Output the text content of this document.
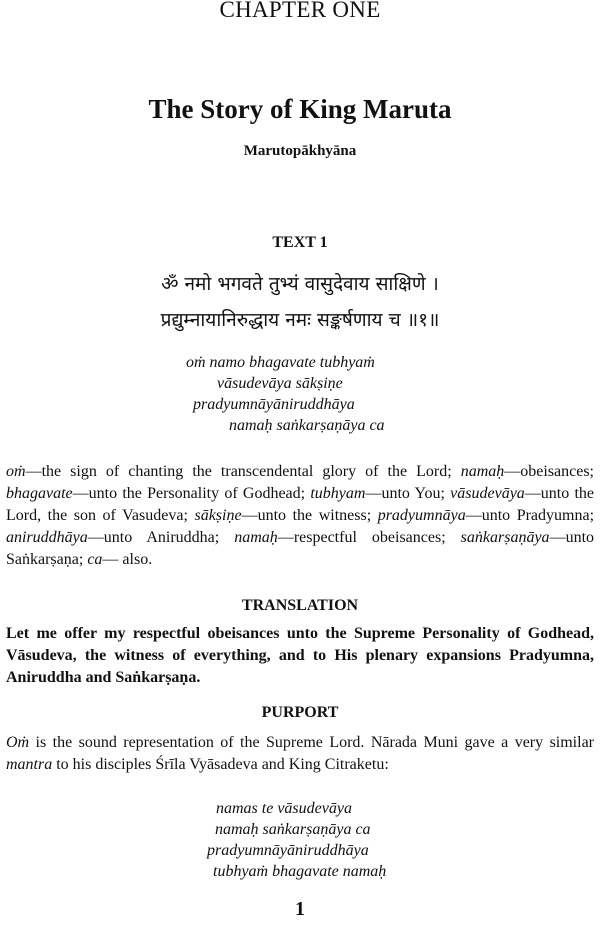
CHAPTER ONE
The Story of King Maruta
Marutopākhyāna
TEXT 1
ॐ नमो भगवते तुभ्यं वासुदेवाय साक्षिणे ।
प्रद्युम्नायानिरुद्धाय नमः सङ्कर्षणाय च ॥१॥
oṁ namo bhagavate tubhyaṁ
vāsudevāya sākṣiṇe
pradyumnāyāniruddhāya
namaḥ saṅkarṣaṇāya ca
oṁ—the sign of chanting the transcendental glory of the Lord; namaḥ—obeisances; bhagavate—unto the Personality of Godhead; tubhyam—unto You; vāsudevāya—unto the Lord, the son of Vasudeva; sākṣiṇe—unto the witness; pradyumnāya—unto Pradyumna; aniruddhāya—unto Aniruddha; namaḥ—respectful obeisances; saṅkarṣaṇāya—unto Saṅkarṣaṇa; ca— also.
TRANSLATION
Let me offer my respectful obeisances unto the Supreme Personality of Godhead, Vāsudeva, the witness of everything, and to His plenary expansions Pradyumna, Aniruddha and Saṅkarṣaṇa.
PURPORT
Oṁ is the sound representation of the Supreme Lord. Nārada Muni gave a very similar mantra to his disciples Śrīla Vyāsadeva and King Citraketu:
namas te vāsudevāya
namaḥ saṅkarṣaṇāya ca
pradyumnāyāniruddhāya
tubhyaṁ bhagavate namaḥ
1
